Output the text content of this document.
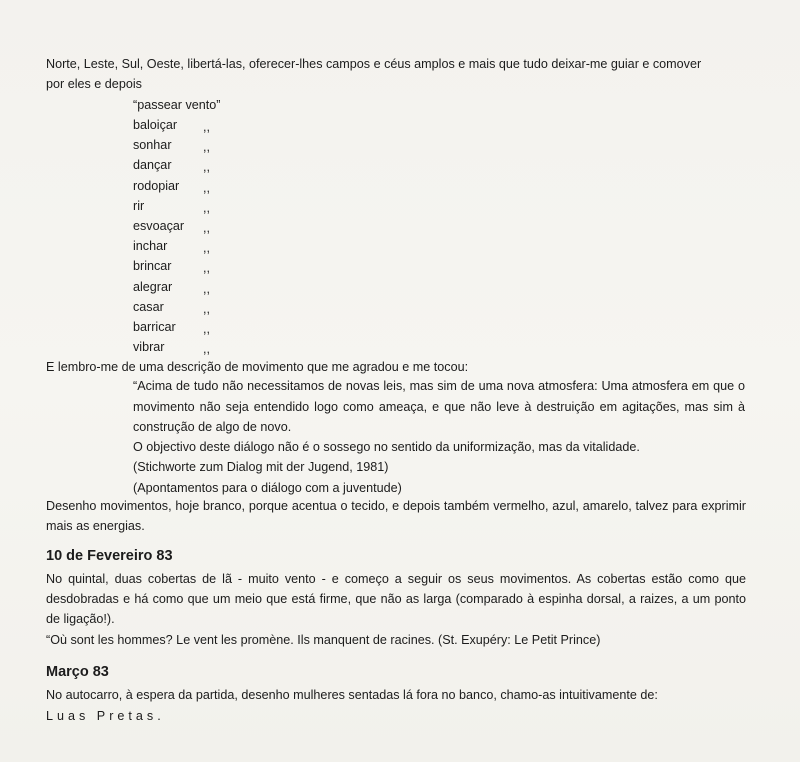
Norte, Leste, Sul, Oeste, libertá-las, oferecer-lhes campos e céus amplos e mais que tudo deixar-me guiar e comover

por eles e depois

“passear vento”

baloiçar ,,
sonhar ,,
dançar ,,
rodopiar ,,
rir	,,
esvoaçar ,,
inchar	,,
brincar	,,
alegrar ,,
casar	,,
barricar ,,
vibrar	,,

E lembro-me de uma descrição de movimento que me agradou e me tocou:

“Acima de tudo não necessitamos de novas leis, mas sim de uma nova atmosfera: Uma atmosfera em que o movimento não seja entendido logo como ameaça, e que não leve à destruição em agitações, mas sim à construção de algo de novo.

O objectivo deste diálogo não é o sossego no sentido da uniformização, mas da vitalidade.

(Stichworte zum Dialog mit der Jugend, 1981)

(Apontamentos para o diálogo com a juventude)

Desenho movimentos, hoje branco, porque acentua o tecido, e depois também vermelho, azul, amarelo, talvez para exprimir mais as energias.

10 de Fevereiro 83

No quintal, duas cobertas de lã - muito vento - e começo a seguir os seus movimentos. As cobertas estão como que desdobradas e há como que um meio que está firme, que não as larga (comparado à espinha dorsal, a raizes, a um ponto de ligação!).

“Où sont les hommes? Le vent les promène. Ils manquent de racines. (St. Exupéry: Le Petit Prince)

Março 83

No autocarro, à espera da partida, desenho mulheres sentadas lá fora no banco, chamo-as intuitivamente de:

Luas Pretas.
